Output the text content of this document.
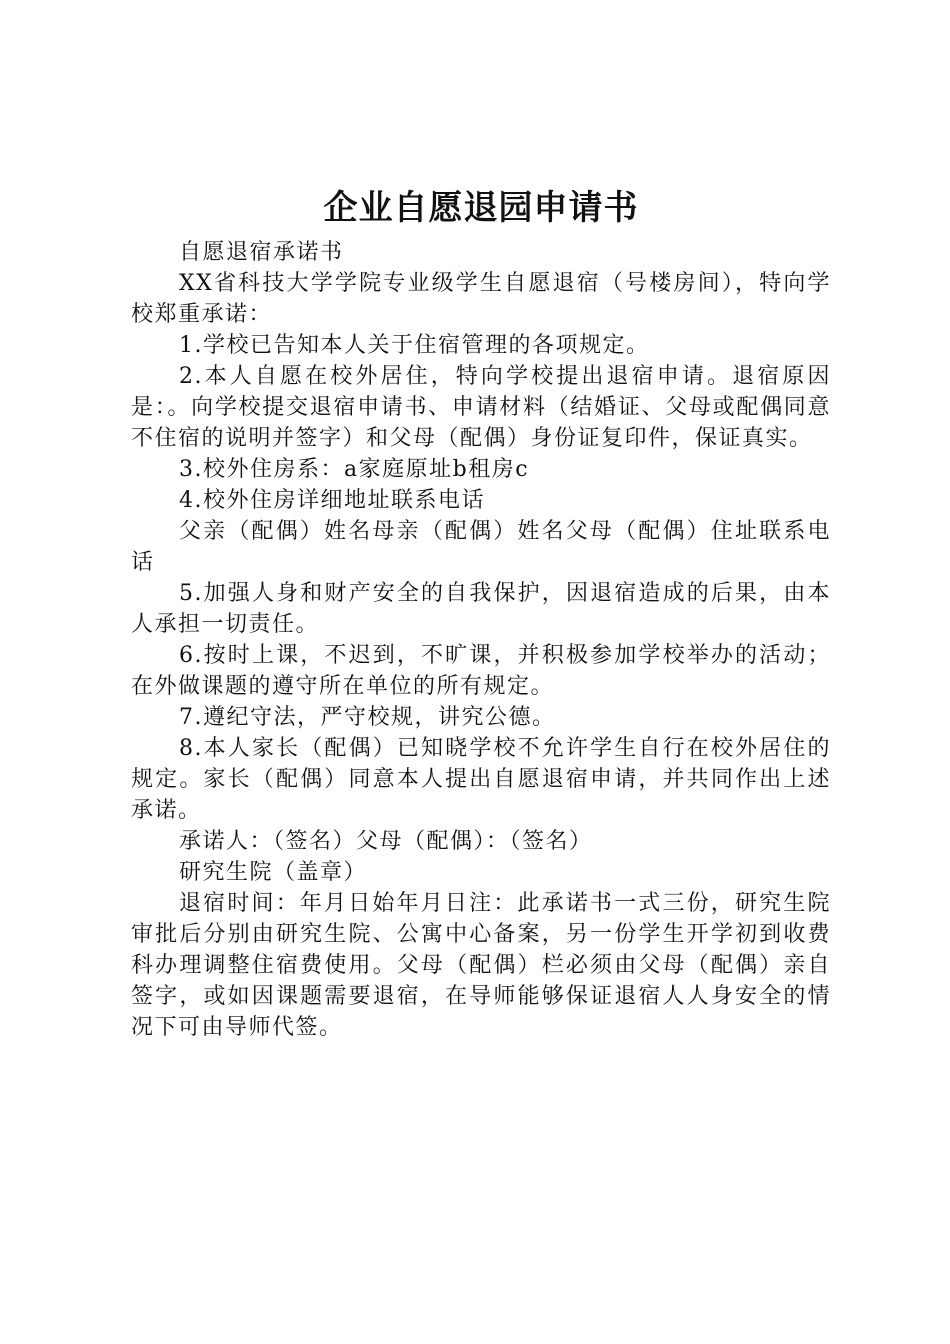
企业自愿退园申请书

自愿退宿承诺书

XX省科技大学学院专业级学生自愿退宿（号楼房间），特向学校郑重承诺：

1.学校已告知本人关于住宿管理的各项规定。

2.本人自愿在校外居住，特向学校提出退宿申请。退宿原因是：。向学校提交退宿申请书、申请材料（结婚证、父母或配偶同意不住宿的说明并签字）和父母（配偶）身份证复印件，保证真实。

3.校外住房系：a家庭原址b租房c

4.校外住房详细地址联系电话

父亲（配偶）姓名母亲（配偶）姓名父母（配偶）住址联系电话

5.加强人身和财产安全的自我保护，因退宿造成的后果，由本人承担一切责任。

6.按时上课，不迟到，不旷课，并积极参加学校举办的活动；在外做课题的遵守所在单位的所有规定。

7.遵纪守法，严守校规，讲究公德。

8.本人家长（配偶）已知晓学校不允许学生自行在校外居住的规定。家长（配偶）同意本人提出自愿退宿申请，并共同作出上述承诺。

承诺人：（签名）父母（配偶）：（签名）

研究生院（盖章）

退宿时间：年月日始年月日注：此承诺书一式三份，研究生院审批后分别由研究生院、公寓中心备案，另一份学生开学初到收费科办理调整住宿费使用。父母（配偶）栏必须由父母（配偶）亲自签字，或如因课题需要退宿，在导师能够保证退宿人人身安全的情况下可由导师代签。
